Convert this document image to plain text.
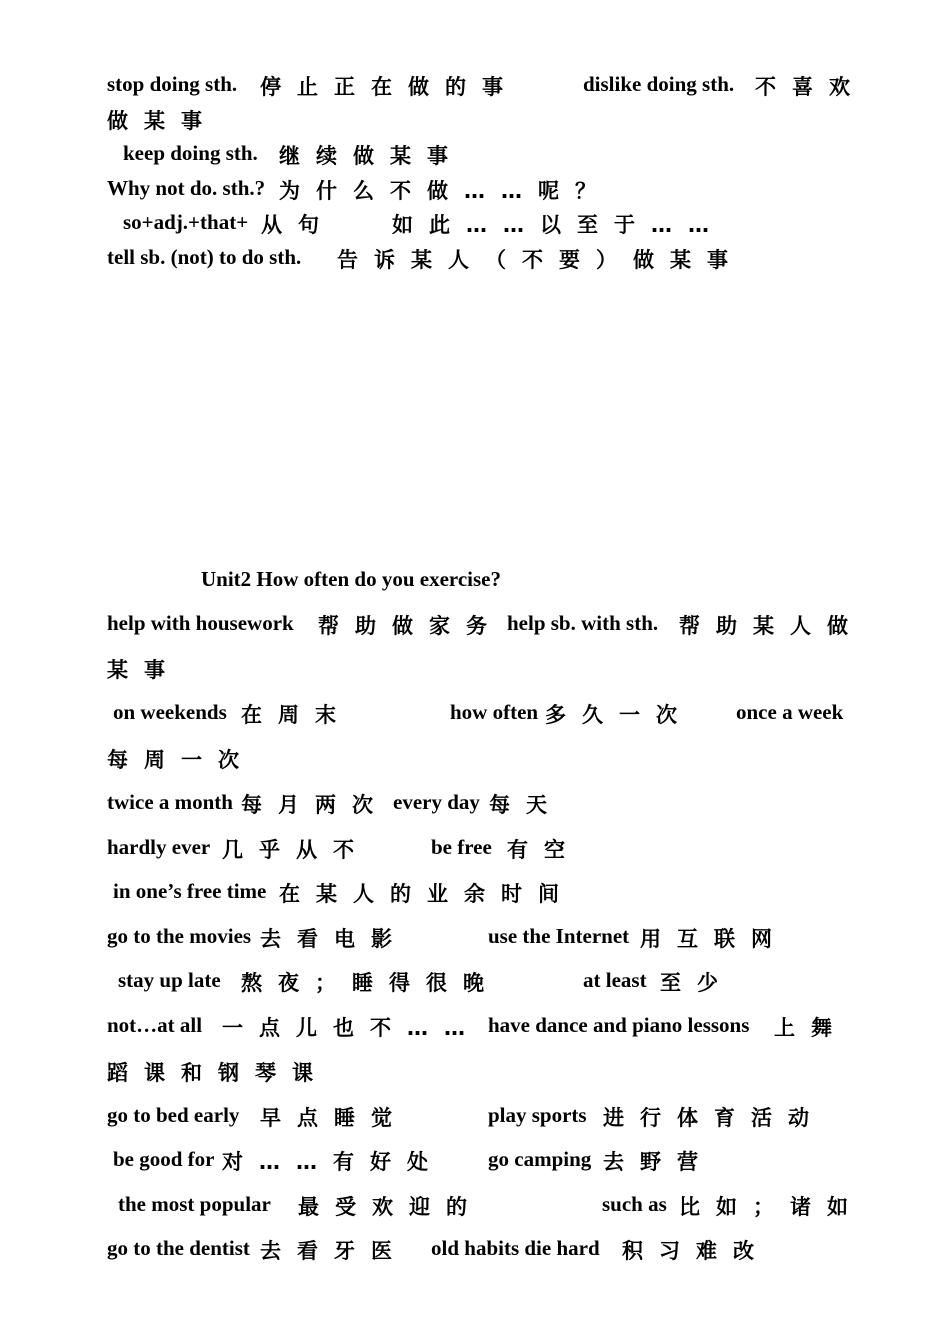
stop doing sth. 停止正在做的事	dislike doing sth. 不喜欢
做某事
keep doing sth. 继续做某事
Why not do. sth.? 为什么不做……呢？
so+adj.+that+ 从句	如此……以至于……
tell sb. (not) to do sth. 告诉某人（不要）做某事
Unit2 How often do you exercise?
help with housework 帮助做家务 help sb. with sth. 帮助某人做
某事
on weekends 在周末	how often 多久一次 once a week
每周一次
twice a month 每月两次 every day 每天
hardly ever 几乎从不	be free 有空
in one’s free time 在某人的业余时间
go to the movies 去看电影	use the Internet 用互联网
stay up late 熬夜；睡得很晚	at least 至少
not…at all 一点儿也不…… have dance and piano lessons 上舞
蹈课和钢琴课
go to bed early 早点睡觉	play sports 进行体育活动
be good for 对……有好处 go camping 去野营
the most popular 最受欢迎的	such as 比如；诸如
go to the dentist 去看牙医 old habits die hard 积习难改
